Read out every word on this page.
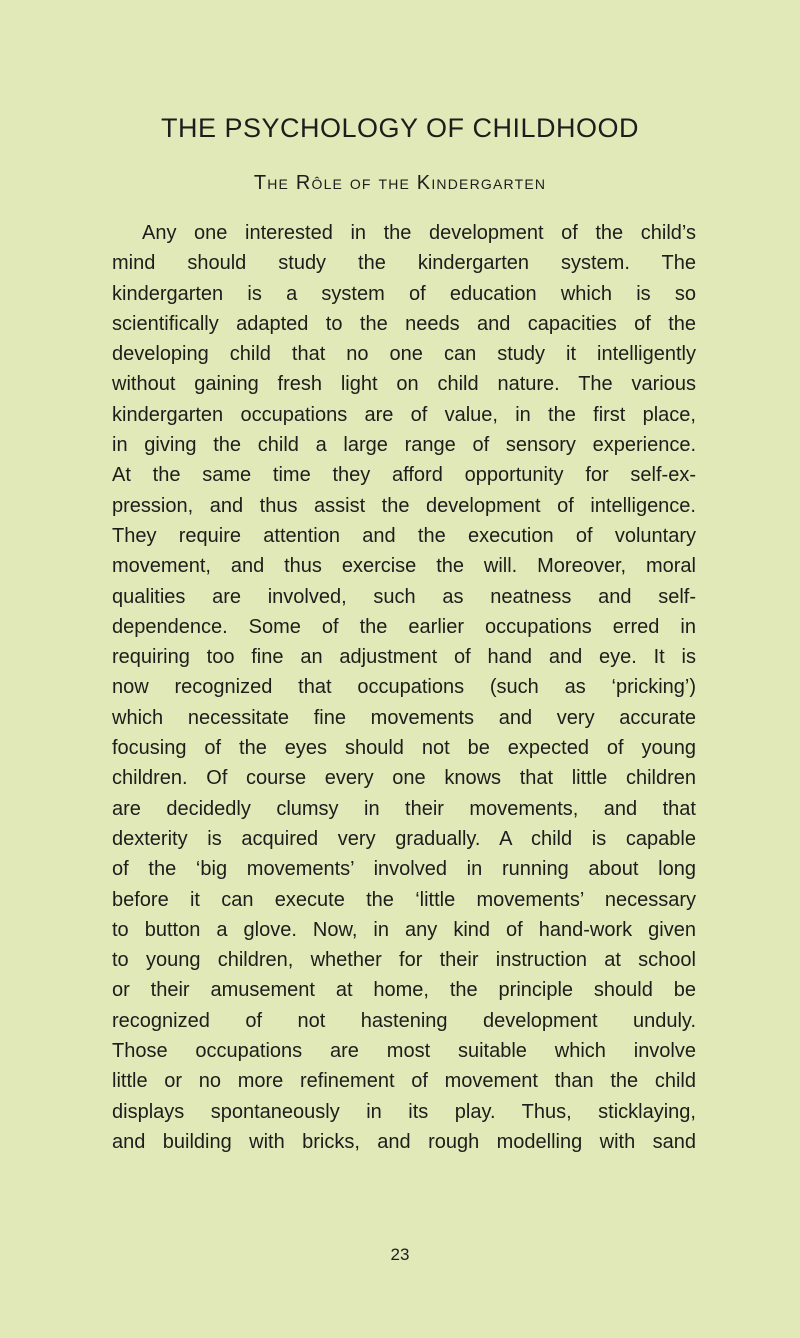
THE PSYCHOLOGY OF CHILDHOOD
The Rôle of the Kindergarten
Any one interested in the development of the child’s
mind should study the kindergarten system. The
kindergarten is a system of education which is so
scientifically adapted to the needs and capacities of the
developing child that no one can study it intelligently
without gaining fresh light on child nature. The various
kindergarten occupations are of value, in the first place,
in giving the child a large range of sensory experience.
At the same time they afford opportunity for self-ex-
pression, and thus assist the development of intelligence.
They require attention and the execution of voluntary
movement, and thus exercise the will. Moreover, moral
qualities are involved, such as neatness and self-
dependence. Some of the earlier occupations erred in
requiring too fine an adjustment of hand and eye. It is
now recognized that occupations (such as ‘pricking’)
which necessitate fine movements and very accurate
focusing of the eyes should not be expected of young
children. Of course every one knows that little children
are decidedly clumsy in their movements, and that
dexterity is acquired very gradually. A child is capable
of the ‘big movements’ involved in running about long
before it can execute the ‘little movements’ necessary
to button a glove. Now, in any kind of hand-work given
to young children, whether for their instruction at school
or their amusement at home, the principle should be
recognized of not hastening development unduly.
Those occupations are most suitable which involve
little or no more refinement of movement than the child
displays spontaneously in its play. Thus, sticklaying,
and building with bricks, and rough modelling with sand
23
